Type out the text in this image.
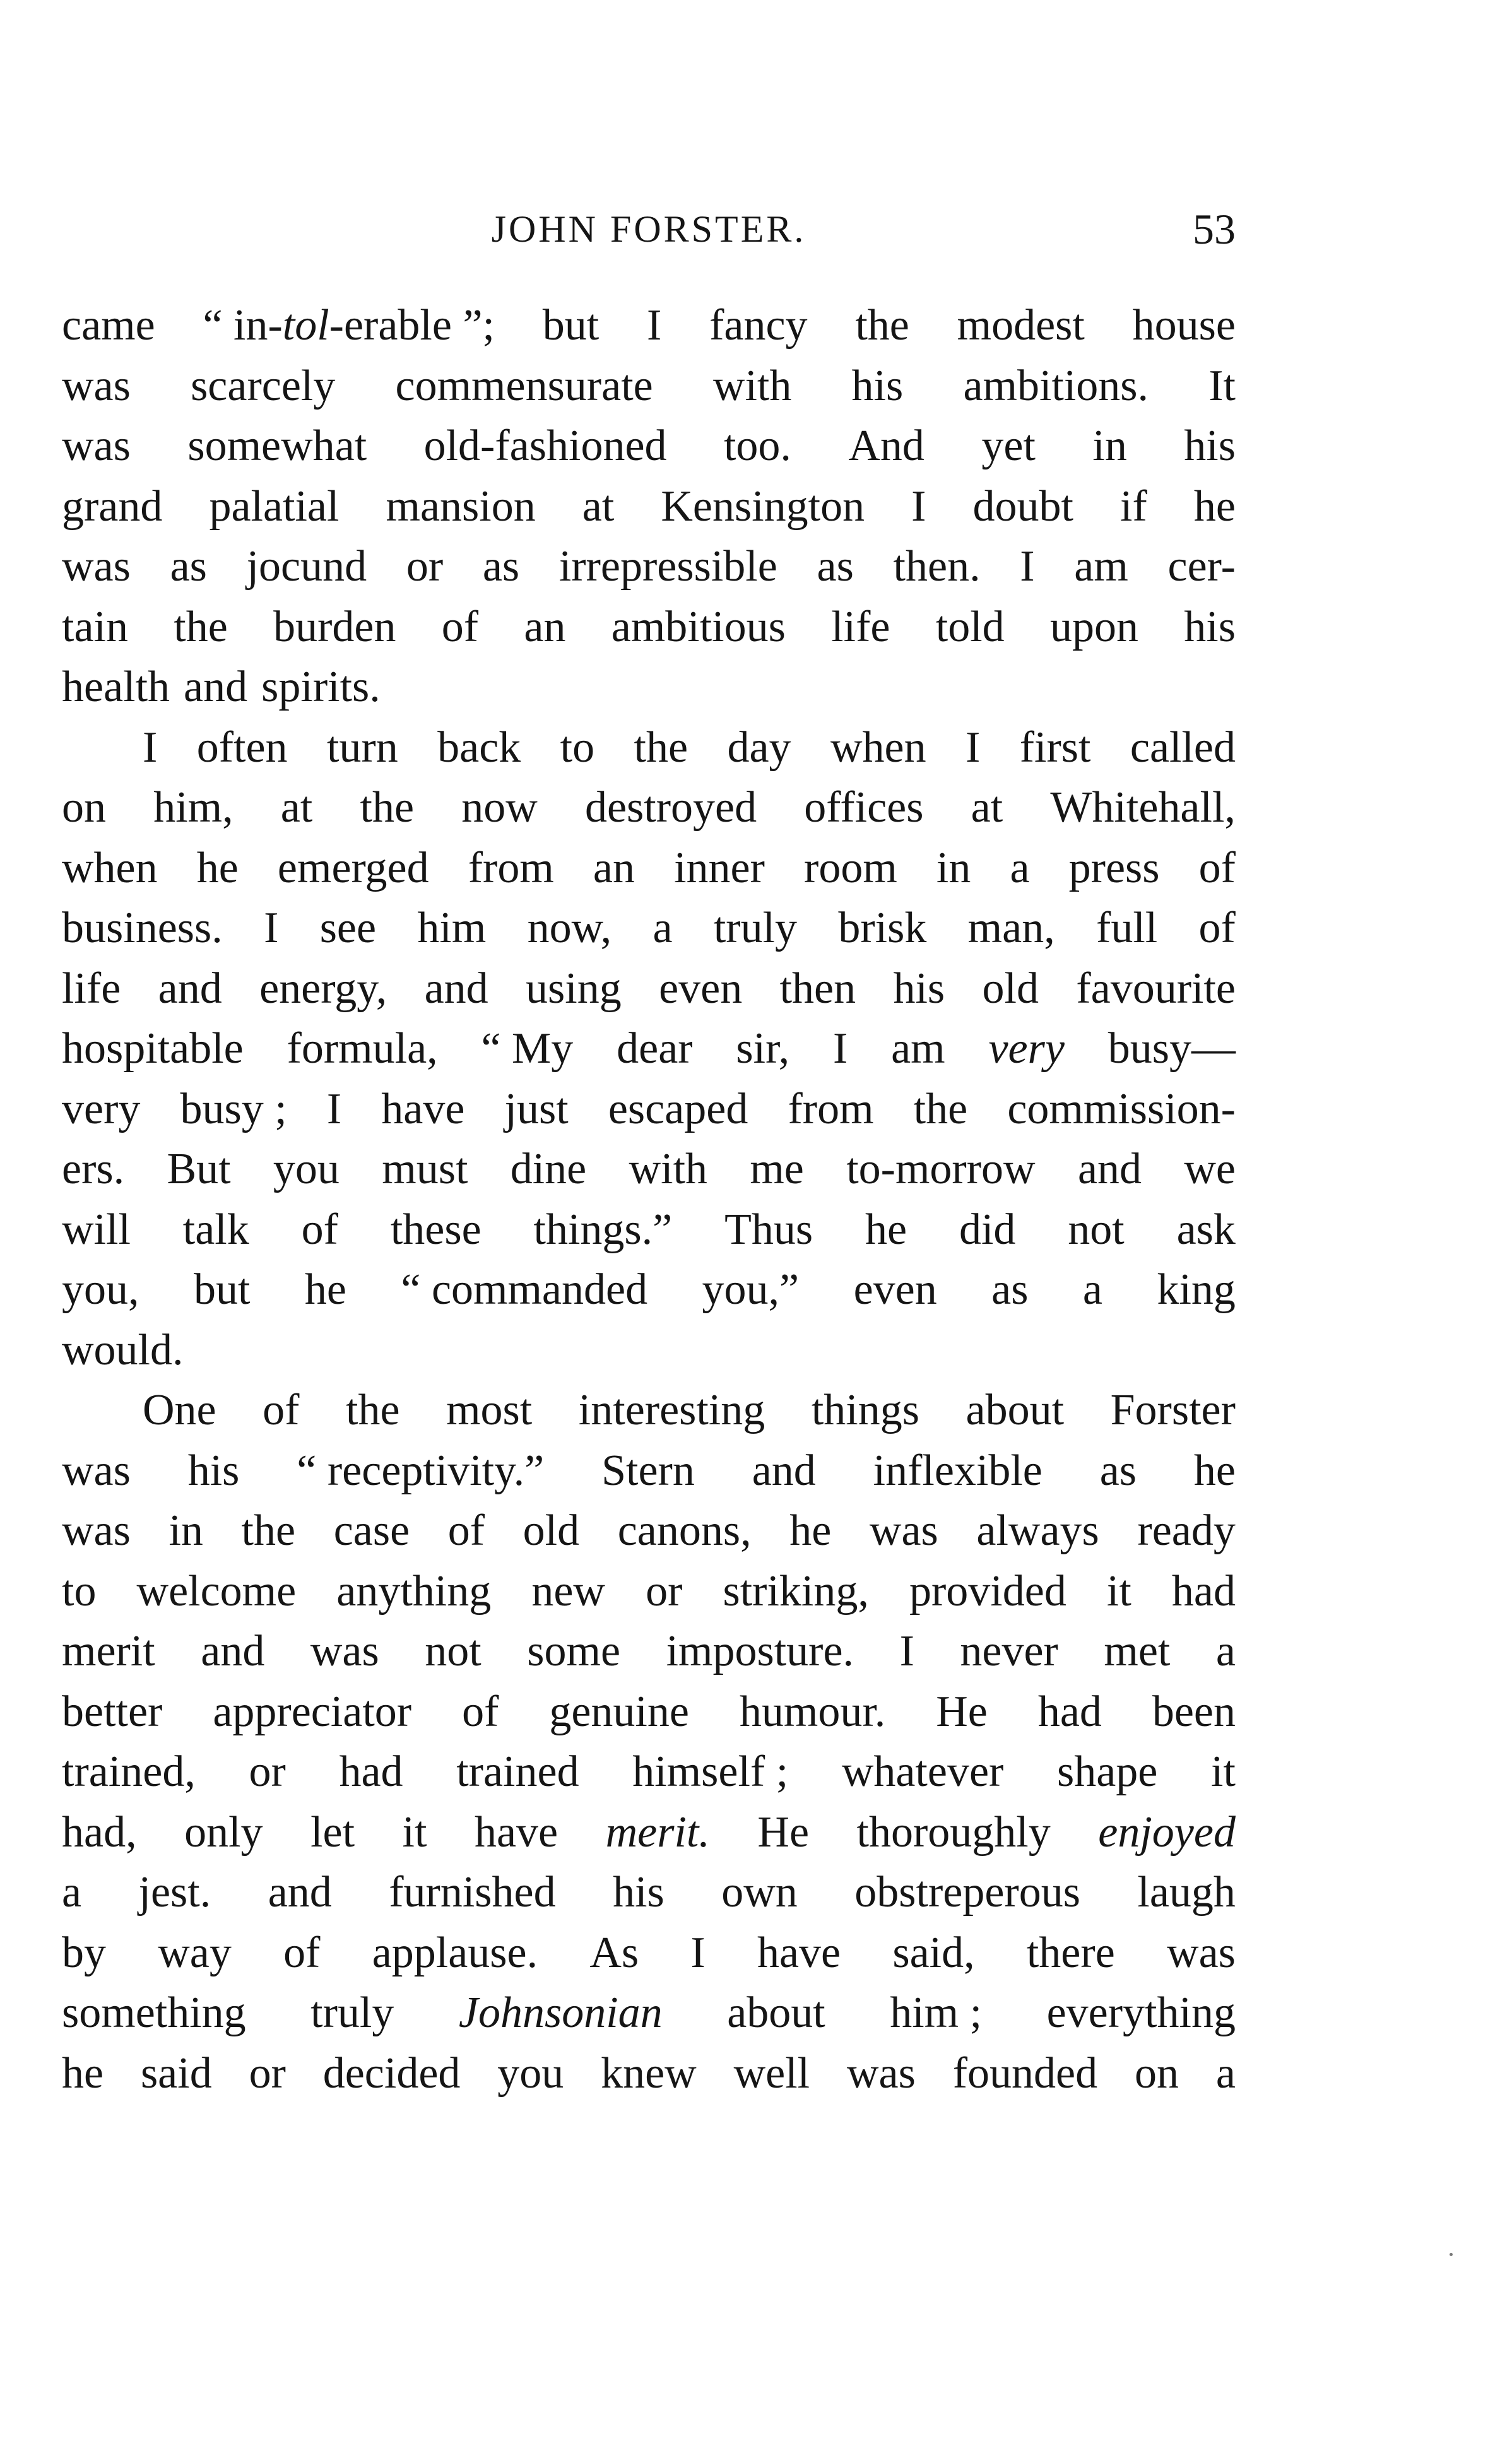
JOHN FORSTER.	53
came “ in-tol-erable ”; but I fancy the modest house
was scarcely commensurate with his ambitions. It
was somewhat old-fashioned too. And yet in his
grand palatial mansion at Kensington I doubt if he
was as jocund or as irrepressible as then. I am cer-
tain the burden of an ambitious life told upon his
health and spirits.
I often turn back to the day when I first called
on him, at the now destroyed offices at Whitehall,
when he emerged from an inner room in a press of
business. I see him now, a truly brisk man, full of
life and energy, and using even then his old favourite
hospitable formula, “ My dear sir, I am very busy—
very busy ; I have just escaped from the commission-
ers. But you must dine with me to-morrow and we
will talk of these things.” Thus he did not ask
you, but he “ commanded you,” even as a king
would.
One of the most interesting things about Forster
was his “ receptivity.” Stern and inflexible as he
was in the case of old canons, he was always ready
to welcome anything new or striking, provided it had
merit and was not some imposture. I never met a
better appreciator of genuine humour. He had been
trained, or had trained himself ; whatever shape it
had, only let it have merit. He thoroughly enjoyed
a jest. and furnished his own obstreperous laugh
by way of applause. As I have said, there was
something truly Johnsonian about him ; everything
he said or decided you knew well was founded on a
